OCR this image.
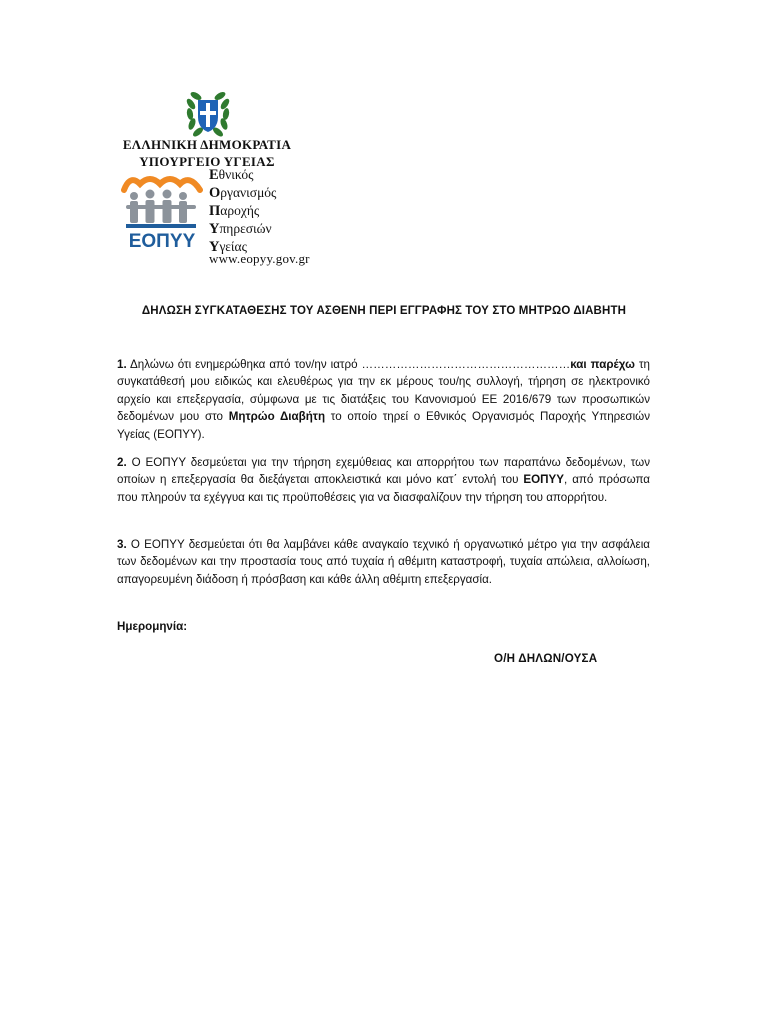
ΕΛΛΗΝΙΚΗ ΔΗΜΟΚΡΑΤΙΑ
ΥΠΟΥΡΓΕΙΟ ΥΓΕΙΑΣ
ΕΟΠΥΥ
Εθνικός
Οργανισμός
Παροχής
Υπηρεσιών
Υγείας
www.eopyy.gov.gr
ΔΗΛΩΣΗ ΣΥΓΚΑΤΑΘΕΣΗΣ ΤΟΥ ΑΣΘΕΝΗ ΠΕΡΙ ΕΓΓΡΑΦΗΣ ΤΟΥ ΣΤΟ ΜΗΤΡΩΟ ΔΙΑΒΗΤΗ
1. Δηλώνω ότι ενημερώθηκα από τον/ην ιατρό ………………………………………………και παρέχω τη συγκατάθεσή μου ειδικώς και ελευθέρως για την εκ μέρους του/ης συλλογή, τήρηση σε ηλεκτρονικό αρχείο και επεξεργασία, σύμφωνα με τις διατάξεις του Κανονισμού ΕΕ 2016/679 των προσωπικών δεδομένων μου στο Μητρώο Διαβήτη το οποίο τηρεί ο Εθνικός Οργανισμός Παροχής Υπηρεσιών Υγείας (ΕΟΠΥΥ).
2. Ο ΕΟΠΥΥ δεσμεύεται για την τήρηση εχεμύθειας και απορρήτου των παραπάνω δεδομένων, των οποίων η επεξεργασία θα διεξάγεται αποκλειστικά και μόνο κατ΄ εντολή του ΕΟΠΥΥ, από πρόσωπα που πληρούν τα εχέγγυα και τις προϋποθέσεις για να διασφαλίζουν την τήρηση του απορρήτου.
3. Ο ΕΟΠΥΥ δεσμεύεται ότι θα λαμβάνει κάθε αναγκαίο τεχνικό ή οργανωτικό μέτρο για την ασφάλεια των δεδομένων και την προστασία τους από τυχαία ή αθέμιτη καταστροφή, τυχαία απώλεια, αλλοίωση, απαγορευμένη διάδοση ή πρόσβαση και κάθε άλλη αθέμιτη επεξεργασία.
Ημερομηνία:
Ο/Η ΔΗΛΩΝ/ΟΥΣΑ
